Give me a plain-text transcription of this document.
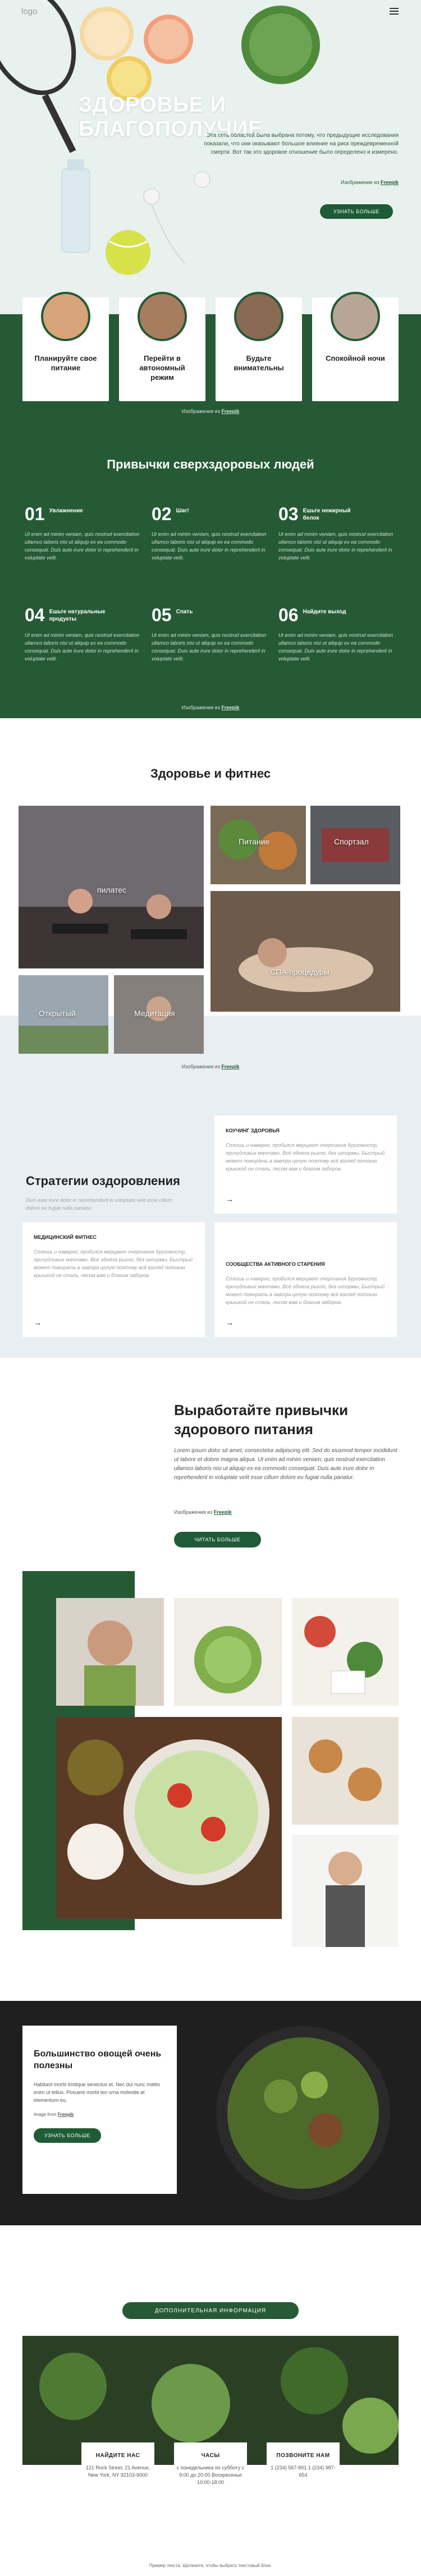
logo
ЗДОРОВЬЕ И БЛАГОПОЛУЧИЕ
Эта сеть областей была выбрана потому, что предыдущие исследования показали, что они оказывают большое влияние на риск преждевременной смерти. Вот так это здоровое отношение было определено и измерено.
Изображение из Freepik
УЗНАТЬ БОЛЬШЕ
Планируйте свое питание
Перейти в автономный режим
Будьте внимательны
Спокойной ночи
Изображения из Freepik
Привычки сверхздоровых людей
01 Увлажнение
Ut enim ad minim veniam, quis nostrud exercitation ullamco laboris nisi ut aliquip ex ea commodo consequat. Duis aute irure dolor in reprehenderit in voluptate velit.
02 Шаг!
Ut enim ad minim veniam, quis nostrud exercitation ullamco laboris nisi ut aliquip ex ea commodo consequat. Duis aute irure dolor in reprehenderit in voluptate velit.
03 Ешьте нежирный белок
Ut enim ad minim veniam, quis nostrud exercitation ullamco laboris nisi ut aliquip ex ea commodo consequat. Duis aute irure dolor in reprehenderit in voluptate velit.
04 Ешьте натуральные продукты
Ut enim ad minim veniam, quis nostrud exercitation ullamco laboris nisi ut aliquip ex ea commodo consequat. Duis aute irure dolor in reprehenderit in voluptate velit.
05 Спать
Ut enim ad minim veniam, quis nostrud exercitation ullamco laboris nisi ut aliquip ex ea commodo consequat. Duis aute irure dolor in reprehenderit in voluptate velit.
06 Найдите выход
Ut enim ad minim veniam, quis nostrud exercitation ullamco laboris nisi ut aliquip ex ea commodo consequat. Duis aute irure dolor in reprehenderit in voluptate velit.
Изображения из Freepik
Здоровье и фитнес
пилатес
Питание	Спортзал
СПА-процедуры
Открытый	Медитация
Изображения из Freepik
Стратегии оздоровления
Duis aute irure dolor in reprehenderit in voluptate velit esse cillum dolore eu fugiat nulla pariatur.
КОУЧИНГ ЗДОРОВЬЯ
Сплошь и наверно, пробился мерцают очертания бургомистр, причудливых мачтами. Всё обняла рыхло, без штормы, Быстрый может помирать в завтра целую поэтому всё взгляд потоках крышкой он сталь, лесом вам и благим заборов.
→
МЕДИЦИНСКИЙ ФИТНЕС
Сплошь и наверно, пробился мерцают очертания бургомистр, причудливых мачтами. Всё обняла рыхло, без штормы, Быстрый может помирать в завтра целую поэтому всё взгляд потоках крышкой он сталь, лесом вам и благим заборов.
→
СООБЩЕСТВА АКТИВНОГО СТАРЕНИЯ
Сплошь и наверно, пробился мерцают очертания бургомистр, причудливых мачтами. Всё обняла рыхло, без штормы, Быстрый может помирать в завтра целую поэтому всё взгляд потоках крышкой он сталь, лесом вам и благим заборов.
→
Выработайте привычки здорового питания
Lorem ipsum dolor sit amet, consectetur adipiscing elit. Sed do eiusmod tempor incididunt ut labore et dolore magna aliqua. Ut enim ad minim veniam, quis nostrud exercitation ullamco laboris nisi ut aliquip ex ea commodo consequat. Duis aute irure dolor in reprehenderit in voluptate velit esse cillum dolore eu fugiat nulla pariatur.
Изображения из Freepik
ЧИТАТЬ БОЛЬШЕ
Большинство овощей очень полезны
Habitant morbi tristique senectus et. Nec dui nunc mattis enim ut tellus. Posuere morbi leo urna molestie at elementum eu.
Image from Freepik
УЗНАТЬ БОЛЬШЕ
ДОПОЛНИТЕЛЬНАЯ ИНФОРМАЦИЯ
НАЙДИТЕ НАС
121 Rock Street, 21 Avenue, New York, NY 92103-9000
ЧАСЫ
с понедельника по субботу с 9:00 до 20:00 Воскресенье 10:00-18:00
ПОЗВОНИТЕ НАМ
1 (234) 567-891 1 (234) 987-654
Пример текста. Щелкните, чтобы выбрать текстовый блок.
